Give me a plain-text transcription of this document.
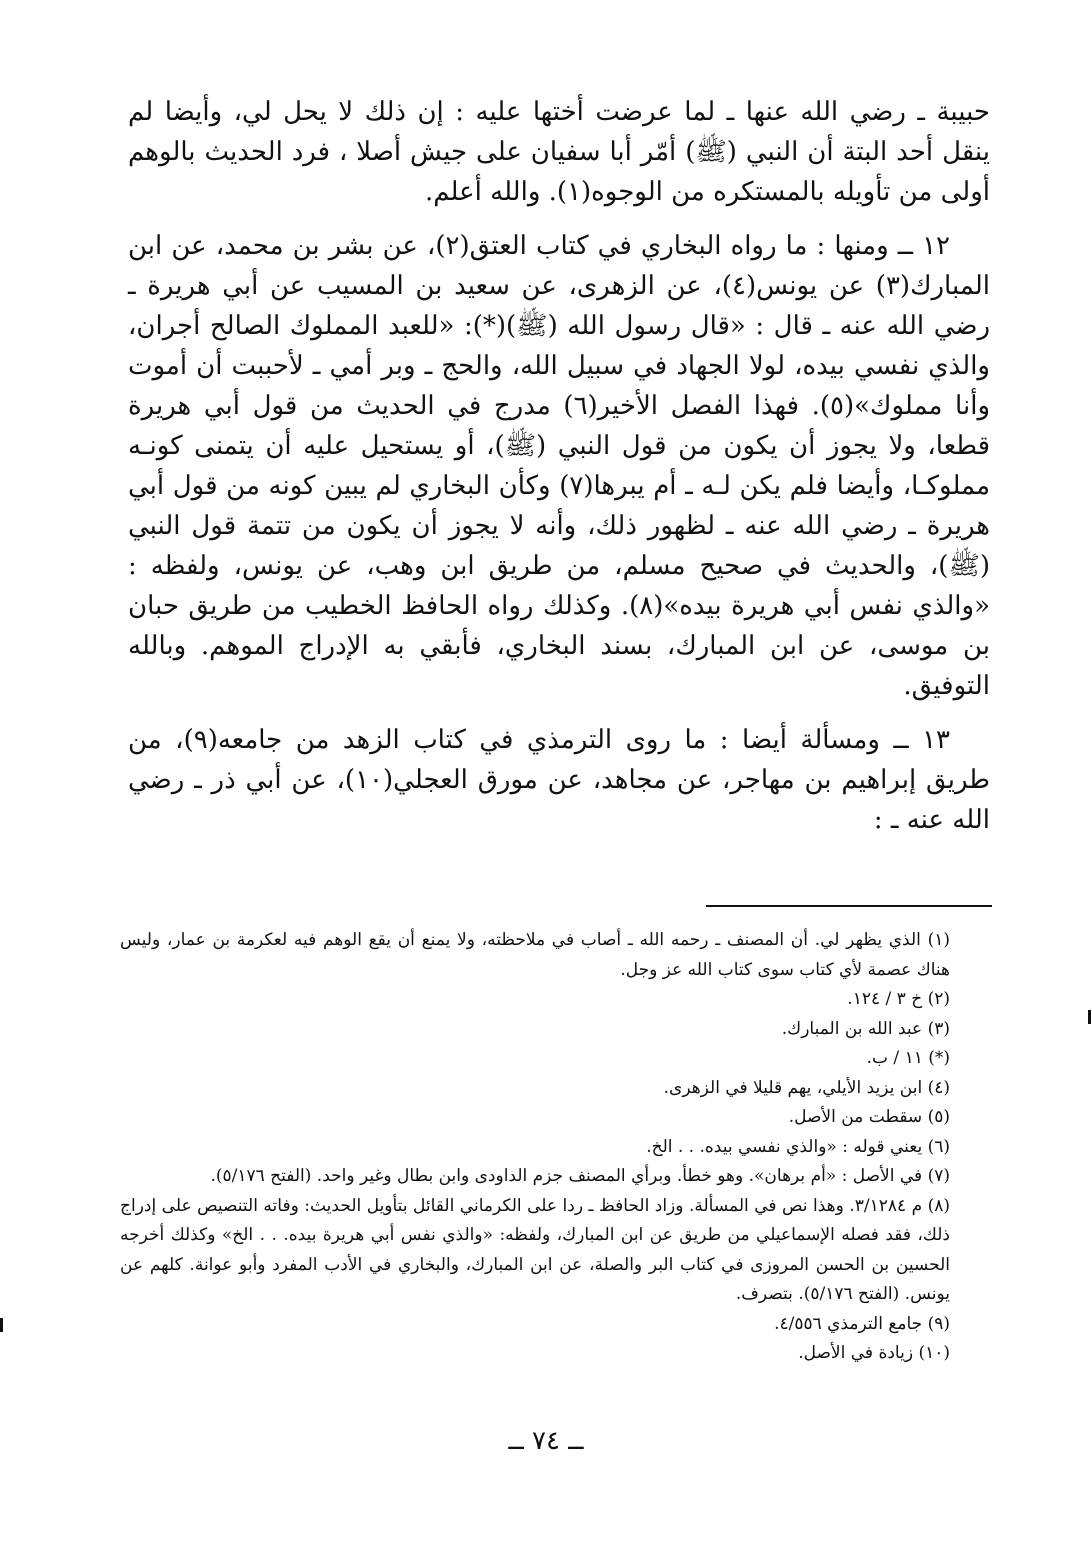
حبيبة ـ رضي الله عنها ـ لما عرضت أختها عليه : إن ذلك لا يحل لي، وأيضا لم ينقل أحد البتة أن النبي (ﷺ) أمّر أبا سفيان على جيش أصلا ، فرد الحديث بالوهم أولى من تأويله بالمستكره من الوجوه(١). والله أعلم.

١٢ ــ ومنها : ما رواه البخاري في كتاب العتق(٢)، عن بشر بن محمد، عن ابن المبارك(٣) عن يونس(٤)، عن الزهرى، عن سعيد بن المسيب عن أبي هريرة ـ رضي الله عنه ـ قال : «قال رسول الله (ﷺ)(*): «للعبد المملوك الصالح أجران، والذي نفسي بيده، لولا الجهاد في سبيل الله، والحج ـ وبر أمي ـ لأحببت أن أموت وأنا مملوك»(٥). فهذا الفصل الأخير(٦) مدرج في الحديث من قول أبي هريرة قطعا، ولا يجوز أن يكون من قول النبي (ﷺ)، أو يستحيل عليه أن يتمنى كونـه مملوكـا، وأيضا فلم يكن لـه ـ أم يبرها(٧) وكأن البخاري لم يبين كونه من قول أبي هريرة ـ رضي الله عنه ـ لظهور ذلك، وأنه لا يجوز أن يكون من تتمة قول النبي (ﷺ)، والحديث في صحيح مسلم، من طريق ابن وهب، عن يونس، ولفظه : «والذي نفس أبي هريرة بيده»(٨). وكذلك رواه الحافظ الخطيب من طريق حبان بن موسى، عن ابن المبارك، بسند البخاري، فأبقي به الإدراج الموهم. وبالله التوفيق.

١٣ ــ ومسألة أيضا : ما روى الترمذي في كتاب الزهد من جامعه(٩)، من طريق إبراهيم بن مهاجر، عن مجاهد، عن مورق العجلي(١٠)، عن أبي ذر ـ رضي الله عنه ـ :

(١) الذي يظهر لي. أن المصنف ـ رحمه الله ـ أصاب في ملاحظته، ولا يمنع أن يقع الوهم فيه لعكرمة بن عمار، وليس هناك عصمة لأي كتاب سوى كتاب الله عز وجل.

(٢) خ ٣ / ١٢٤.

(٣) عبد الله بن المبارك.

(*) ١١ / ب.

(٤) ابن يزيد الأيلي، يهم قليلا في الزهرى.

(٥) سقطت من الأصل.

(٦) يعني قوله : «والذي نفسي بيده. . . الخ.

(٧) في الأصل : «أم برهان». وهو خطأ. وبرأي المصنف جزم الداودى وابن بطال وغير واحد. (الفتح ٥/١٧٦).

(٨) م ٣/١٢٨٤. وهذا نص في المسألة. وزاد الحافظ ـ ردا على الكرماني القائل بتأويل الحديث: وفاته التنصيص على إدراج ذلك، فقد فصله الإسماعيلي من طريق عن ابن المبارك، ولفظه: «والذي نفس أبي هريرة بيده. . . الخ» وكذلك أخرجه الحسين بن الحسن المروزى في كتاب البر والصلة، عن ابن المبارك، والبخاري في الأدب المفرد وأبو عوانة. كلهم عن يونس. (الفتح ٥/١٧٦). بتصرف.

(٩) جامع الترمذي ٤/٥٥٦.

(١٠) زيادة في الأصل.

ــ ٧٤ ــ
